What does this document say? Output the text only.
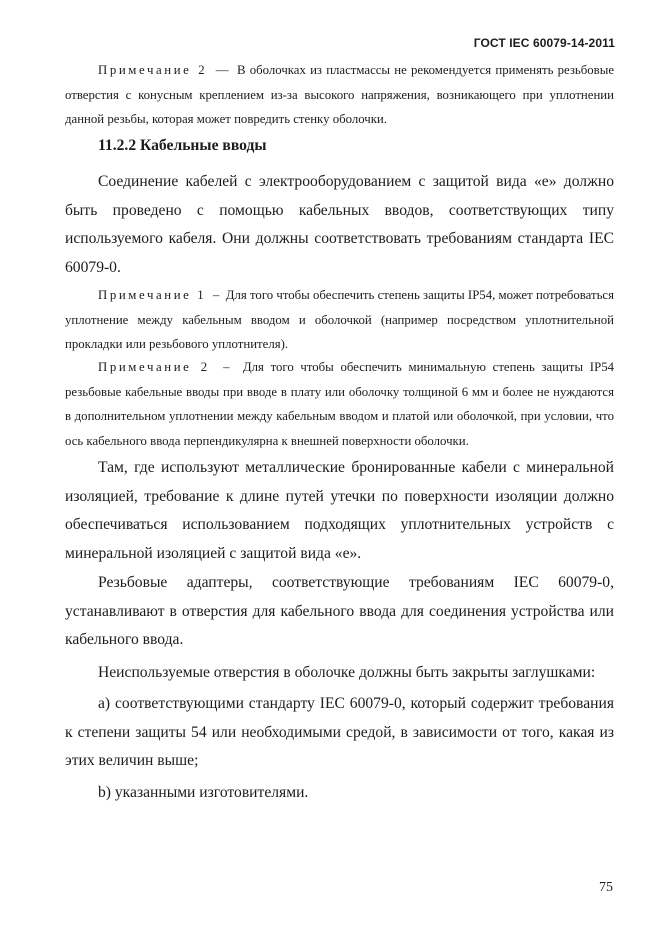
ГОСТ IEC 60079-14-2011
Примечание 2 — В оболочках из пластмассы не рекомендуется применять резьбовые отверстия с конусным креплением из-за высокого напряжения, возникающего при уплотнении данной резьбы, которая может повредить стенку оболочки.
11.2.2 Кабельные вводы
Соединение кабелей с электрооборудованием с защитой вида «е» должно быть проведено с помощью кабельных вводов, соответствующих типу используемого кабеля. Они должны соответствовать требованиям стандарта IEC 60079-0.
Примечание 1 – Для того чтобы обеспечить степень защиты IP54, может потребоваться уплотнение между кабельным вводом и оболочкой (например посредством уплотнительной прокладки или резьбового уплотнителя).
Примечание 2 – Для того чтобы обеспечить минимальную степень защиты IP54 резьбовые кабельные вводы при вводе в плату или оболочку толщиной 6 мм и более не нуждаются в дополнительном уплотнении между кабельным вводом и платой или оболочкой, при условии, что ось кабельного ввода перпендикулярна к внешней поверхности оболочки.
Там, где используют металлические бронированные кабели с минеральной изоляцией, требование к длине путей утечки по поверхности изоляции должно обеспечиваться использованием подходящих уплотнительных устройств с минеральной изоляцией с защитой вида «е».
Резьбовые адаптеры, соответствующие требованиям IEC 60079-0, устанавливают в отверстия для кабельного ввода для соединения устройства или кабельного ввода.
Неиспользуемые отверстия в оболочке должны быть закрыты заглушками:
а) соответствующими стандарту IEC 60079-0, который содержит требования к степени защиты 54 или необходимыми средой, в зависимости от того, какая из этих величин выше;
b) указанными изготовителями.
75
